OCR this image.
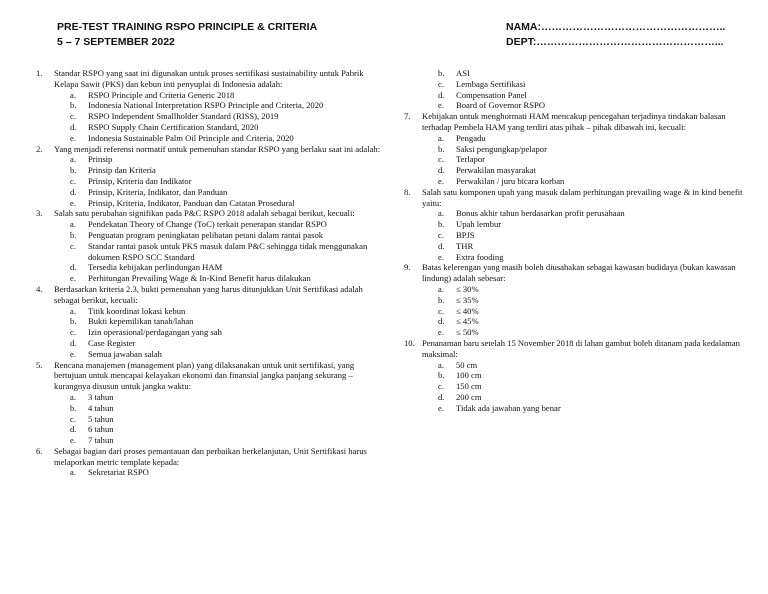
PRE-TEST TRAINING RSPO PRINCIPLE & CRITERIA
5 – 7 SEPTEMBER 2022
NAMA:……………………………………………..
DEPT:……………………………………………...
1.	Standar RSPO yang saat ini digunakan untuk proses sertifikasi sustainability untuk Pabrik Kelapa Sawit (PKS) dan kebun inti penyuplai di Indonesia adalah:
a.	RSPO Principle and Criteria Generic 2018
b.	Indonesia National Interpretation RSPO Principle and Criteria, 2020
c.	RSPO Independent Smallholder Standard (RISS), 2019
d.	RSPO Supply Chain Certification Standard, 2020
e.	Indonesia Sustainable Palm Oil Principle and Criteria, 2020
2.	Yang menjadi referensi normatif untuk pemenuhan standar RSPO yang berlaku saat ini adalah:
a.	Prinsip
b.	Prinsip dan Kriteria
c.	Prinsip, Kriteria dan Indikator
d.	Prinsip, Kriteria, Indikator, dan Panduan
e.	Prinsip, Kriteria, Indikator, Panduan dan Catatan Prosedural
3.	Salah satu perubahan signifikan pada P&C RSPO 2018 adalah sebagai berikut, kecuali:
a.	Pendekatan Theory of Change (ToC) terkait penerapan standar RSPO
b.	Penguatan program peningkatan pelibatan petani dalam rantai pasok
c.	Standar rantai pasok untuk PKS masuk dalam P&C sehingga tidak menggunakan dokumen RSPO SCC Standard
d.	Tersedia kebijakan perlindungan HAM
e.	Perhitungan Prevailing Wage & In-Kind Benefit harus dilakukan
4.	Berdasarkan kriteria 2.3, bukti pemenuhan yang harus ditunjukkan Unit Sertifikasi adalah sebagai berikut, kecuali:
a.	Titik koordinat lokasi kebun
b.	Bukti kepemilikan tanah/lahan
c.	Izin operasional/perdagangan yang sah
d.	Case Register
e.	Semua jawaban salah
5.	Rencana manajemen (management plan) yang dilaksanakan untuk unit sertifikasi, yang bertujuan untuk mencapai kelayakan ekonomi dan finansial jangka panjang sekurang – kurangnya disusun untuk jangka waktu:
a.	3 tahun
b.	4 tahun
c.	5 tahun
d.	6 tahun
e.	7 tahun
6.	Sebagai bagian dari proses pemantauan dan perbaikan berkelanjutan, Unit Sertifikasi harus melaporkan metric template kepada:
a.	Sekretariat RSPO
b.	ASI
c.	Lembaga Sertifikasi
d.	Compensation Panel
e.	Board of Governor RSPO
7.	Kebijakan untuk menghormati HAM mencakup pencegahan terjadinya tindakan balasan terhadap Pembela HAM yang terdiri atas pihak – pihak dibawah ini, kecuali:
a.	Pengadu
b.	Saksi pengungkap/pelapor
c.	Terlapor
d.	Perwakilan masyarakat
e.	Perwakilan / juru bicara korban
8.	Salah satu komponen upah yang masuk dalam perhitungan prevailing wage & in kind benefit yaitu:
a.	Bonus akhir tahun berdasarkan profit perusahaan
b.	Upah lembur
c.	BPJS
d.	THR
e.	Extra fooding
9.	Batas kelerengan yang masih boleh diusahakan sebagai kawasan budidaya (bukan kawasan lindung) adalah sebesar:
a.	≤ 30%
b.	≤ 35%
c.	≤ 40%
d.	≤ 45%
e.	≤ 50%
10. Penanaman baru setelah 15 November 2018 di lahan gambut boleh ditanam pada kedalaman maksimal:
a.	50 cm
b.	100 cm
c.	150 cm
d.	200 cm
e.	Tidak ada jawaban yang benar
